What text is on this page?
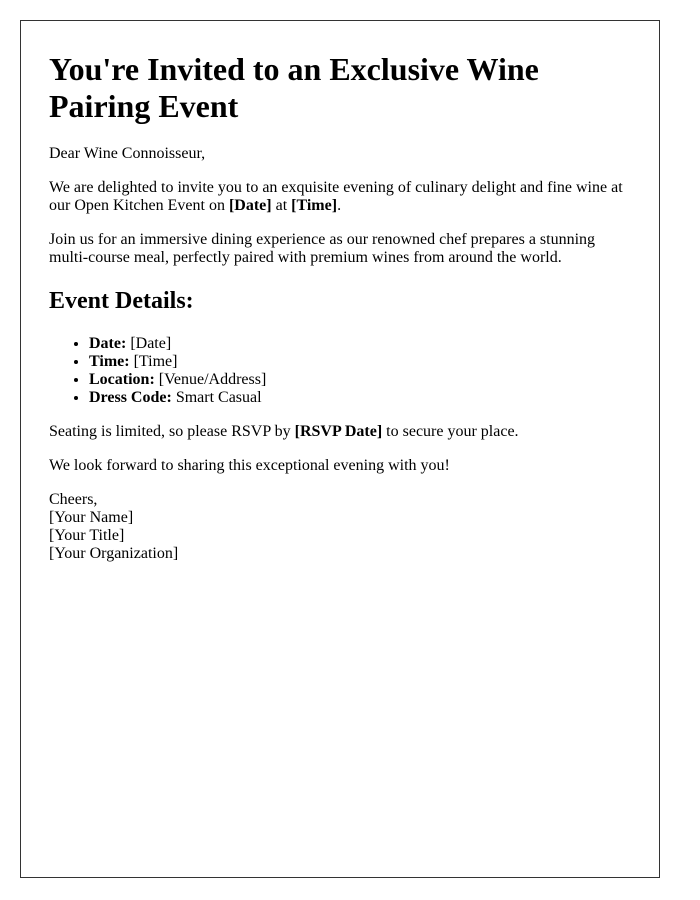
You're Invited to an Exclusive Wine Pairing Event

Dear Wine Connoisseur,

We are delighted to invite you to an exquisite evening of culinary delight and fine wine at our Open Kitchen Event on [Date] at [Time].

Join us for an immersive dining experience as our renowned chef prepares a stunning multi-course meal, perfectly paired with premium wines from around the world.

Event Details:
• Date: [Date]
• Time: [Time]
• Location: [Venue/Address]
• Dress Code: Smart Casual

Seating is limited, so please RSVP by [RSVP Date] to secure your place.

We look forward to sharing this exceptional evening with you!

Cheers,
[Your Name]
[Your Title]
[Your Organization]
